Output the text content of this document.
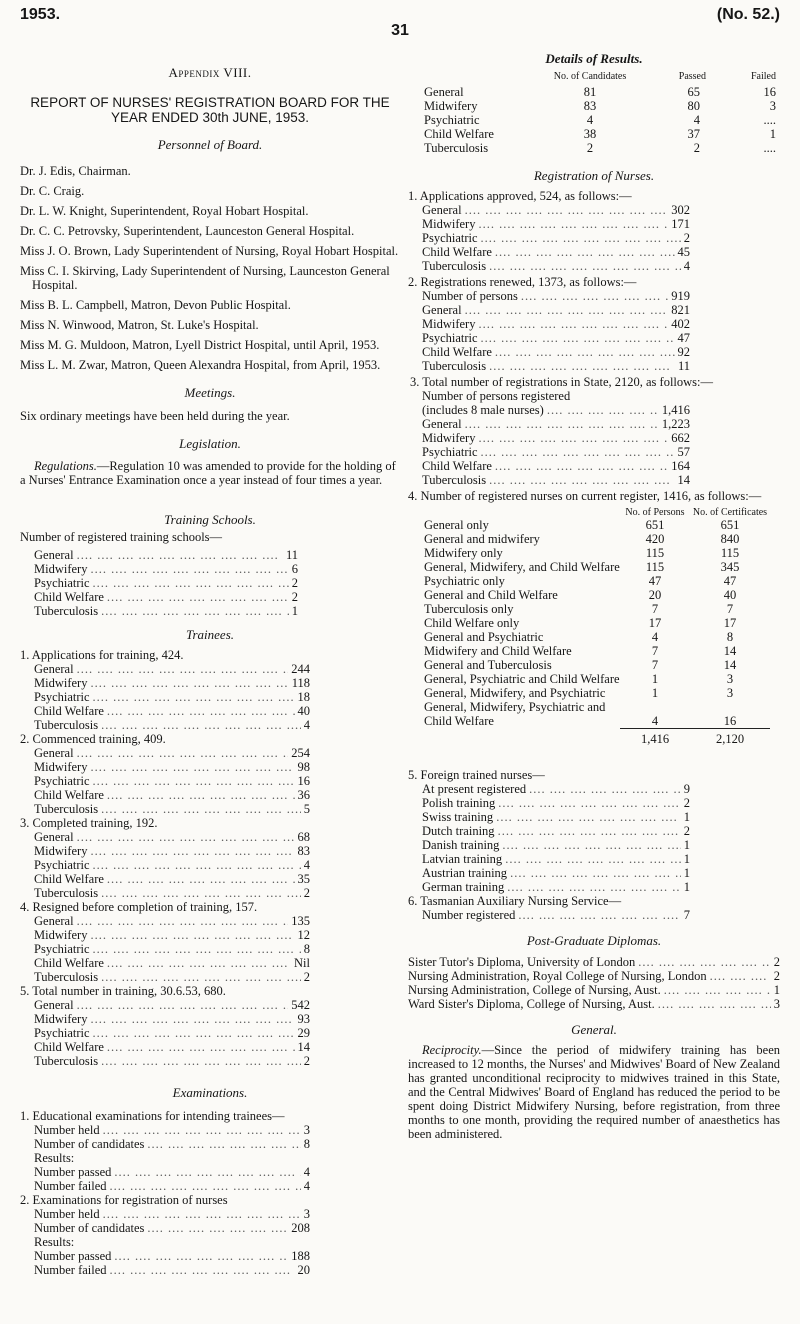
1953.
31
(No. 52.)

Appendix VIII.

REPORT OF NURSES' REGISTRATION BOARD FOR THE YEAR ENDED 30th JUNE, 1953.

Personnel of Board.

Dr. J. Edis, Chairman.

Dr. C. Craig.

Dr. L. W. Knight, Superintendent, Royal Hobart Hospital.

Dr. C. C. Petrovsky, Superintendent, Launceston General Hospital.

Miss J. O. Brown, Lady Superintendent of Nursing, Royal Hobart Hospital.

Miss C. I. Skirving, Lady Superintendent of Nursing, Launceston General Hospital.

Miss B. L. Campbell, Matron, Devon Public Hospital.

Miss N. Winwood, Matron, St. Luke's Hospital.

Miss M. G. Muldoon, Matron, Lyell District Hospital, until April, 1953.

Miss L. M. Zwar, Matron, Queen Alexandra Hospital, from April, 1953.

Meetings.

Six ordinary meetings have been held during the year.

Legislation.

Regulations.—Regulation 10 was amended to provide for the holding of a Nurses' Entrance Examination once a year instead of four times a year.

Training Schools.

Number of registered training schools—

General ....	11
Midwifery ....	6
Psychiatric ....	2
Child Welfare ....	2
Tuberculosis ....	1

Trainees.

1. Applications for training, 424.

General ....	244
Midwifery ....	118
Psychiatric ....	18
Child Welfare ....	40
Tuberculosis ....	4

2. Commenced training, 409.

General ....	254
Midwifery ....	98
Psychiatric ....	16
Child Welfare ....	36
Tuberculosis ....	5

3. Completed training, 192.

General ....	68
Midwifery ....	83
Psychiatric ....	4
Child Welfare ....	35
Tuberculosis ....	2

4. Resigned before completion of training, 157.

General ....	135
Midwifery ....	12
Psychiatric ....	8
Child Welfare ....	Nil
Tuberculosis ....	2

5. Total number in training, 30.6.53, 680.

General ....	542
Midwifery ....	93
Psychiatric ....	29
Child Welfare ....	14
Tuberculosis ....	2

Examinations.

1. Educational examinations for intending trainees—

Number held ....	3
Number of candidates ....	8

Results:

Number passed ....	4
Number failed ....	4

2. Examinations for registration of nurses

Number held ....	3
Number of candidates ....	208

Results:

Number passed ....	188
Number failed ....	20

Details of Results.

	No. of Candidates	Passed	Failed
General	81	65	16
Midwifery	83	80	3
Psychiatric	4	4	....
Child Welfare	38	37	1
Tuberculosis	2	2	....

Registration of Nurses.

1. Applications approved, 524, as follows:—

General ....	302
Midwifery ....	171
Psychiatric ....	2
Child Welfare ....	45
Tuberculosis ....	4

2. Registrations renewed, 1373, as follows:—

Number of persons ....	919
General ....	821
Midwifery ....	402
Psychiatric ....	47
Child Welfare ....	92
Tuberculosis ....	11

3. Total number of registrations in State, 2120, as follows:—

Number of persons registered

(includes 8 male nurses) ....	1,416
General ....	1,223
Midwifery ....	662
Psychiatric ....	57
Child Welfare ....	164
Tuberculosis ....	14

4. Number of registered nurses on current register, 1416, as follows:—

	No. of Persons	No. of Certificates
General only	651	651
General and midwifery	420	840
Midwifery only	115	115
General, Midwifery, and Child Welfare	115	345
Psychiatric only	47	47
General and Child Welfare	20	40
Tuberculosis only	7	7
Child Welfare only	17	17
General and Psychiatric	4	8
Midwifery and Child Welfare	7	14
General and Tuberculosis	7	14
General, Psychiatric and Child Welfare	1	3
General, Midwifery, and Psychiatric	1	3
General, Midwifery, Psychiatric and Child Welfare	4	16
	1,416	2,120

5. Foreign trained nurses—

At present registered ....	9
Polish training ....	2
Swiss training ....	1
Dutch training ....	2
Danish training ....	1
Latvian training ....	1
Austrian training ....	1
German training ....	1

6. Tasmanian Auxiliary Nursing Service—

Number registered ....	7

Post-Graduate Diplomas.

Sister Tutor's Diploma, University of London ....	2
Nursing Administration, Royal College of Nursing, London ....	2
Nursing Administration, College of Nursing, Aust. ....	1
Ward Sister's Diploma, College of Nursing, Aust. ....	3

General.

Reciprocity.—Since the period of midwifery training has been increased to 12 months, the Nurses' and Midwives' Board of New Zealand has granted unconditional reciprocity to midwives trained in this State, and the Central Midwives' Board of England has reduced the period to be spent doing District Midwifery Nursing, before registration, from three months to one month, providing the required number of anaesthetics has been administered.
